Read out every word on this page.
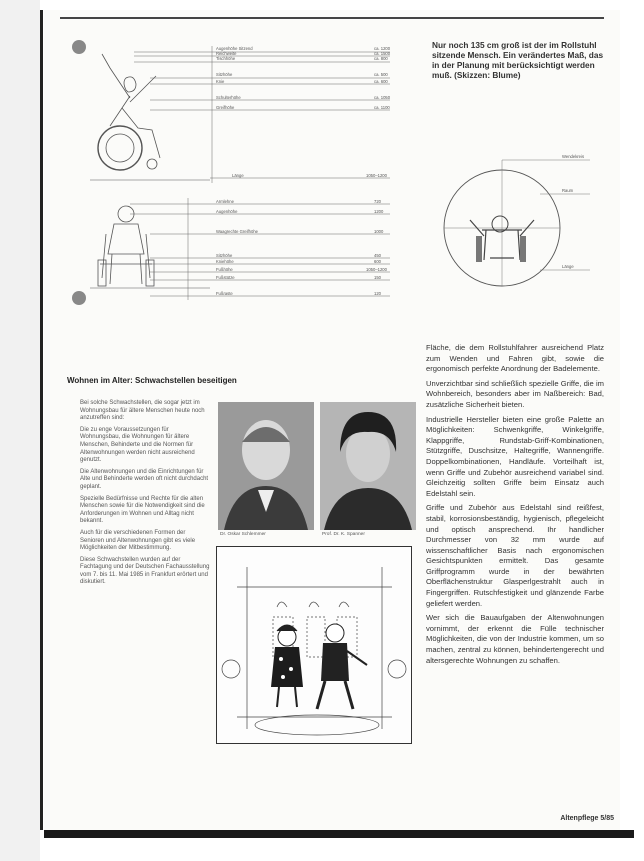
Augenhöhe Sitzend	ca. 1200
Reichweite	ca. 1500
Tischhöhe	ca. 800
Sitzhöhe	ca. 500
Knie	ca. 600
Schulterhöhe	ca. 1050
Greifhöhe	ca. 1100
Länge	1050–1200
Armlehne	720
Augenhöhe	1200
Waagrechte Greifhöhe	1000
Sitzhöhe	450
Kniehöhe	600
Fußhöhe	1050–1200
Fußstütze	150
Fußraste	120
Nur noch 135 cm groß ist der im Rollstuhl sitzende Mensch. Ein verändertes Maß, das in der Planung mit berücksichtigt werden muß. (Skizzen: Blume)
Wendekreis
Raum
Länge
Wohnen im Alter: Schwachstellen beseitigen

Bei solche Schwachstellen, die sogar jetzt im Wohnungsbau für ältere Menschen heute noch anzutreffen sind:

Die zu enge Voraussetzungen für Wohnungsbau, die Wohnungen für ältere Menschen, Behinderte und die Normen für Altenwohnungen werden nicht ausreichend genutzt.

Die Altenwohnungen und die Einrichtungen für Alte und Behinderte werden oft nicht durchdacht geplant.

Spezielle Bedürfnisse und Rechte für die alten Menschen sowie für die Notwendigkeit sind die Anforderungen im Wohnen und Alltag nicht bekannt.

Auch für die verschiedenen Formen der Senioren und Altenwohnungen gibt es viele Möglichkeiten der Mitbestimmung.

Diese Schwachstellen wurden auf der Fachtagung und der Deutschen Fachausstellung vom 7. bis 11. Mai 1985 in Frankfurt erörtert und diskutiert.

Dr. Oskar Schlemmer	Prof. Dr. K. Spanner

Fläche, die dem Rollstuhlfahrer ausreichend Platz zum Wenden und Fahren gibt, sowie die ergonomisch perfekte Anordnung der Badelemente.

Unverzichtbar sind schließlich spezielle Griffe, die im Wohnbereich, besonders aber im Naßbereich: Bad, zusätzliche Sicherheit bieten.

Industrielle Hersteller bieten eine große Palette an Möglichkeiten: Schwenkgriffe, Winkelgriffe, Klappgriffe, Rundstab-Griff-Kombinationen, Stützgriffe, Duschsitze, Haltegriffe, Wannengriffe. Doppelkombinationen, Handläufe. Vorteilhaft ist, wenn Griffe und Zubehör ausreichend variabel sind. Gleichzeitig sollten Griffe beim Einsatz auch Edelstahl sein.

Griffe und Zubehör aus Edelstahl sind reißfest, stabil, korrosionsbeständig, hygienisch, pflegeleicht und optisch ansprechend. Ihr handlicher Durchmesser von 32 mm wurde auf wissenschaftlicher Basis nach ergonomischen Gesichtspunkten ermittelt. Das gesamte Griffprogramm wurde in der bewährten Oberflächenstruktur Glasperlgestrahlt auch in Fingergriffen. Rutschfestigkeit und glänzende Farbe geliefert werden.

Wer sich die Bauaufgaben der Altenwohnungen vornimmt, der erkennt die Fülle technischer Möglichkeiten, die von der Industrie kommen, um so machen, zentral zu können, behindertengerecht und altersgerechte Wohnungen zu schaffen.

Altenpflege 5/85
